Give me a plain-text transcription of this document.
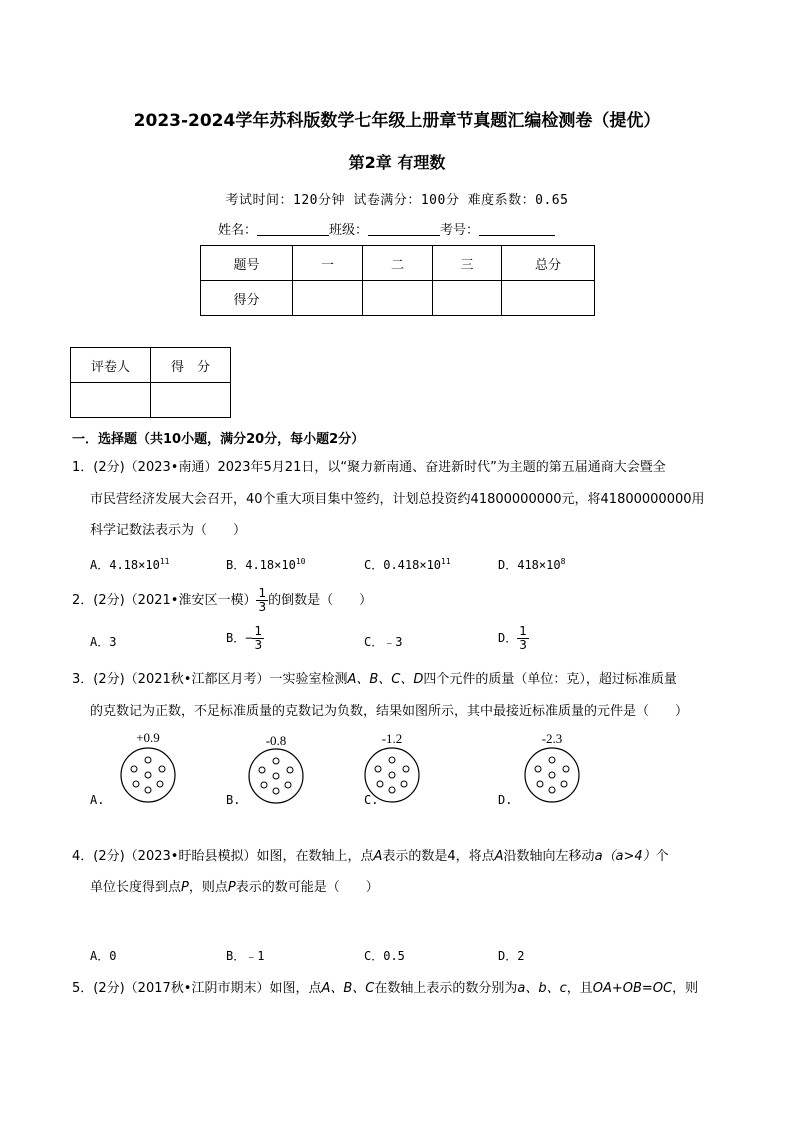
2023-2024学年苏科版数学七年级上册章节真题汇编检测卷（提优）
第2章 有理数
考试时间：120分钟 试卷满分：100分 难度系数：0.65
姓名：	班级：	考号：
题号	一	二	三	总分
得分				
评卷人	得　分

一．选择题（共10小题，满分20分，每小题2分）
1．(2分)（2023•南通）2023年5月21日，以“聚力新南通、奋进新时代”为主题的第五届通商大会暨全
市民营经济发展大会召开，40个重大项目集中签约，计划总投资约41800000000元，将41800000000用
科学记数法表示为（　　）
A．$4.18\times 10^{11}$	B．$4.18\times 10^{10}$	C．$0.418\times 10^{11}$	D．$418\times 10^8$
2．(2分)（2021•淮安区一模） $\frac{1}{3}$ 的倒数是（　　）
A．3	B．− $\frac{1}{3}$	C．﹣3	D． $\frac{1}{3}$
3．(2分)（2021秋•江都区月考）一实验室检测A、B、C、D四个元件的质量（单位：克），超过标准质量
的克数记为正数，不足标准质量的克数记为负数，结果如图所示，其中最接近标准质量的元件是（　　）
+0.9	-0.8	-1.2	-2.3
A.	B.	C.	D.
4．(2分)（2023•盱眙县模拟）如图，在数轴上，点A表示的数是4，将点A沿数轴向左移动a（a>4）个
单位长度得到点P，则点P表示的数可能是（　　）
A．0	B．﹣1	C．0.5	D．2
5．(2分)（2017秋•江阴市期末）如图，点A、B、C在数轴上表示的数分别为a、b、c，且OA+OB=OC，则
